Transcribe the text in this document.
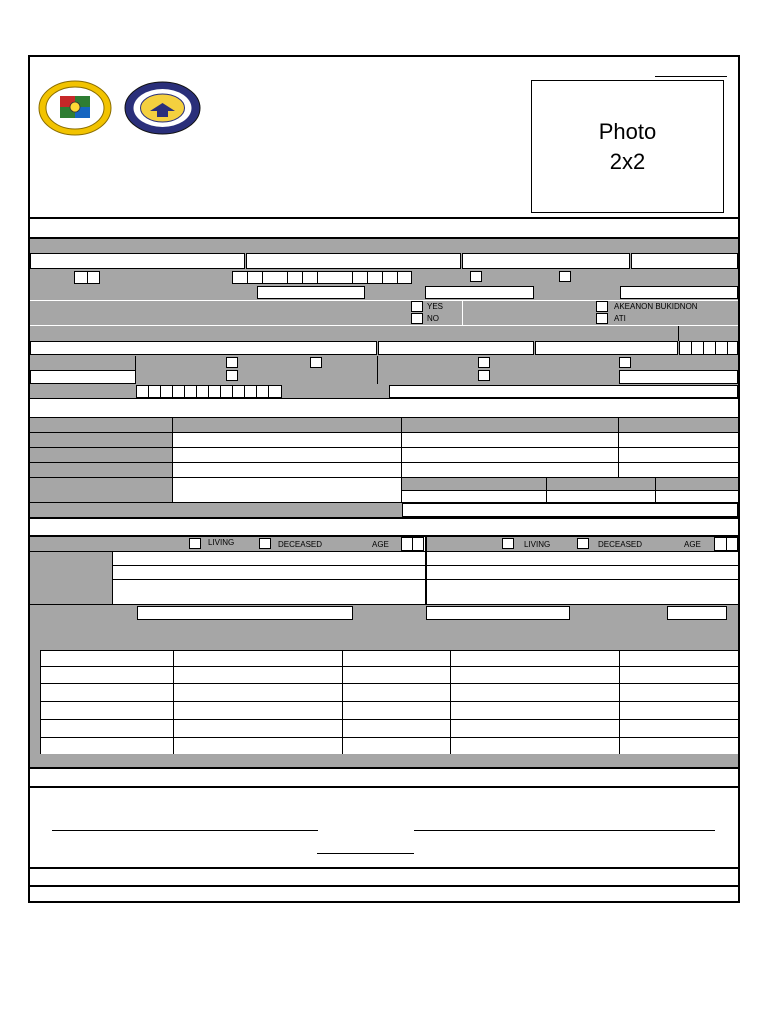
Photo
2x2
YES
NO
AKEANON BUKIDNON
ATI
LIVING	DECEASED	AGE	LIVING	DECEASED	AGE
